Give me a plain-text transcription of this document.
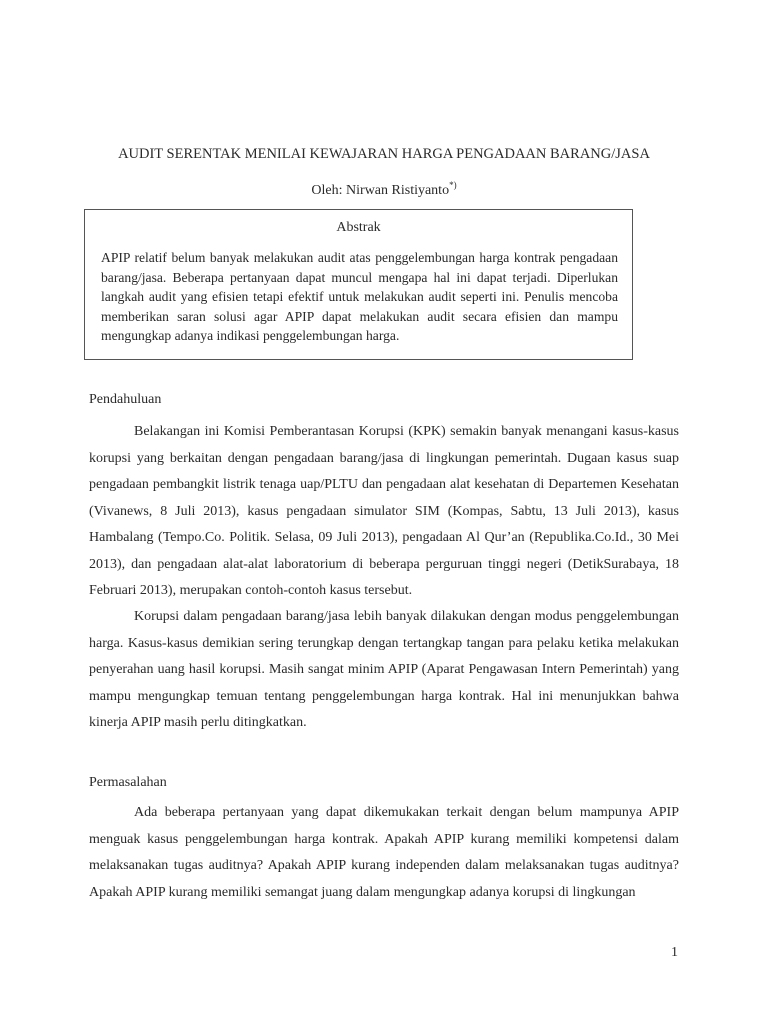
AUDIT SERENTAK MENILAI KEWAJARAN HARGA PENGADAAN BARANG/JASA
Oleh: Nirwan Ristiyanto*)
Abstrak

APIP relatif belum banyak melakukan audit atas penggelembungan harga kontrak pengadaan barang/jasa. Beberapa pertanyaan dapat muncul mengapa hal ini dapat terjadi. Diperlukan langkah audit yang efisien tetapi efektif untuk melakukan audit seperti ini. Penulis mencoba memberikan saran solusi agar APIP dapat melakukan audit secara efisien dan mampu mengungkap adanya indikasi penggelembungan harga.

Pendahuluan

Belakangan ini Komisi Pemberantasan Korupsi (KPK) semakin banyak menangani kasus-kasus korupsi yang berkaitan dengan pengadaan barang/jasa di lingkungan pemerintah. Dugaan kasus suap pengadaan pembangkit listrik tenaga uap/PLTU dan pengadaan alat kesehatan di Departemen Kesehatan (Vivanews, 8 Juli 2013), kasus pengadaan simulator SIM (Kompas, Sabtu, 13 Juli 2013), kasus Hambalang (Tempo.Co. Politik. Selasa, 09 Juli 2013), pengadaan Al Qur’an (Republika.Co.Id., 30 Mei 2013), dan pengadaan alat-alat laboratorium di beberapa perguruan tinggi negeri (DetikSurabaya, 18 Februari 2013), merupakan contoh-contoh kasus tersebut.

Korupsi dalam pengadaan barang/jasa lebih banyak dilakukan dengan modus penggelembungan harga. Kasus-kasus demikian sering terungkap dengan tertangkap tangan para pelaku ketika melakukan penyerahan uang hasil korupsi. Masih sangat minim APIP (Aparat Pengawasan Intern Pemerintah) yang mampu mengungkap temuan tentang penggelembungan harga kontrak. Hal ini menunjukkan bahwa kinerja APIP masih perlu ditingkatkan.

Permasalahan

Ada beberapa pertanyaan yang dapat dikemukakan terkait dengan belum mampunya APIP menguak kasus penggelembungan harga kontrak. Apakah APIP kurang memiliki kompetensi dalam melaksanakan tugas auditnya? Apakah APIP kurang independen dalam melaksanakan tugas auditnya? Apakah APIP kurang memiliki semangat juang dalam mengungkap adanya korupsi di lingkungan

1
